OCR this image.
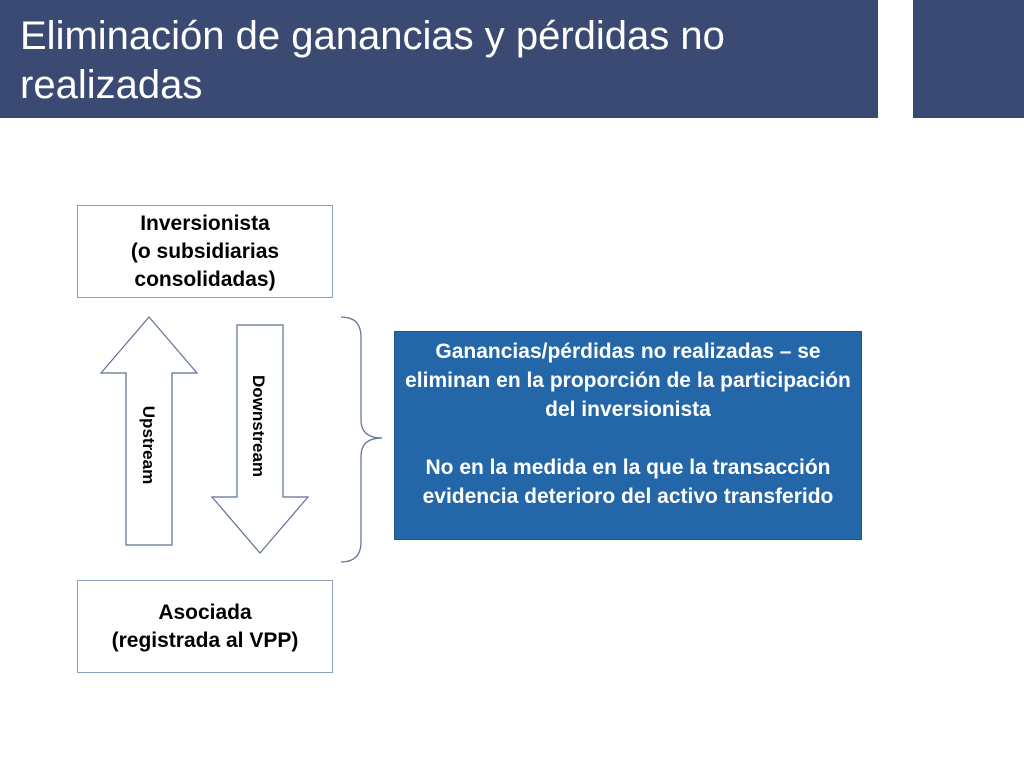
Eliminación de ganancias y pérdidas no realizadas
Upstream	Downstream
Inversionista
(o subsidiarias
consolidadas)
Asociada
(registrada al VPP)
Ganancias/pérdidas no realizadas – se eliminan en la proporción de la participación del inversionista
No en la medida en la que la transacción evidencia deterioro del activo transferido
